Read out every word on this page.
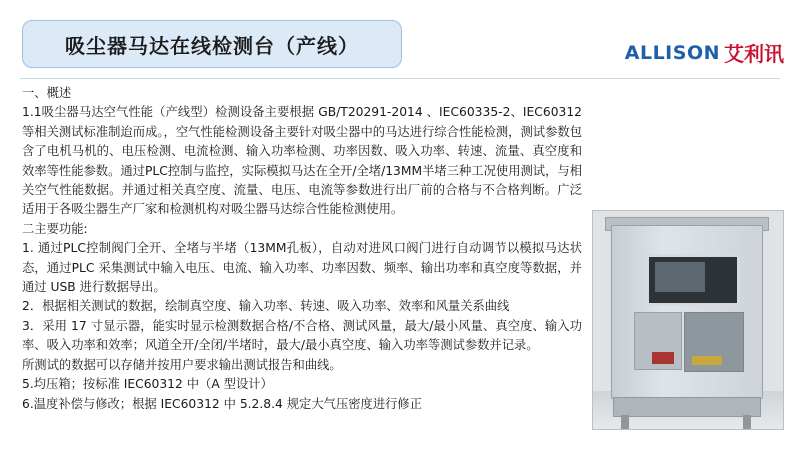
吸尘器马达在线检测台（产线）	ALLISON 艾利讯

一、概述

1.1吸尘器马达空气性能（产线型）检测设备主要根据 GB/T20291-2014 、IEC60335-2、IEC60312 等相关测试标准制迨而成。，空气性能检测设备主要针对吸尘器中的马达进行综合性能检测，测试参数包含了电机马机的、电压检测、电流检测、输入功率检测、功率因数、吸入功率、转速、流量、真空度和效率等性能参数。通过PLC控制与监控，实际模拟马达在全开/全堵/13MM半堵三种工况使用测试，与相关空气性能数据。并通过相关真空度、流量、电压、电流等参数进行出厂前的合格与不合格判断。广泛适用于各吸尘器生产厂家和检测机构对吸尘器马达综合性能检测使用。

二主要功能:

1. 通过PLC控制阀门全开、全堵与半堵（13MM孔板），自动对进风口阀门进行自动调节以模拟马达状态，通过PLC 采集测试中输入电压、电流、输入功率、功率因数、频率、输出功率和真空度等数据，并通过 USB 进行数据导出。

2．根据相关测试的数据，绘制真空度、输入功率、转速、吸入功率、效率和风量关系曲线

3．采用 17 寸显示器，能实时显示检测数据合格/不合格、测试风量，最大/最小风量、真空度、输入功率、吸入功率和效率；风道全开/全闭/半堵时，最大/最小真空度、输入功率等测试参数并记录。

所测试的数据可以存储并按用户要求输出测试报告和曲线。

5.均压箱；按标准 IEC60312 中（A 型设计）

6.温度补偿与修改；根据 IEC60312 中 5.2.8.4 规定大气压密度进行修正
